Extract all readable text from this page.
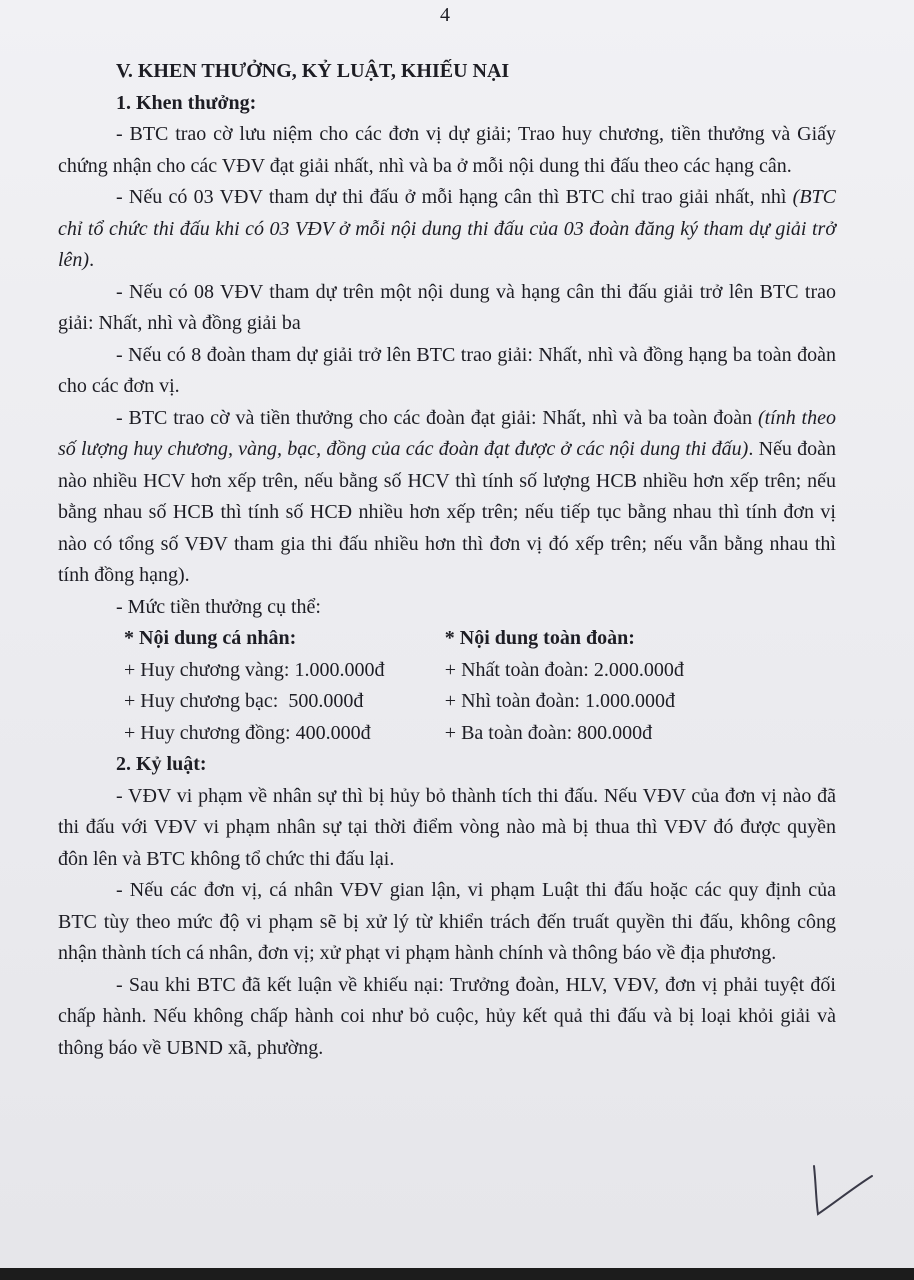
4
V. KHEN THƯỞNG, KỶ LUẬT, KHIẾU NẠI
1. Khen thưởng:

- BTC trao cờ lưu niệm cho các đơn vị dự giải; Trao huy chương, tiền thưởng và Giấy chứng nhận cho các VĐV đạt giải nhất, nhì và ba ở mỗi nội dung thi đấu theo các hạng cân.

- Nếu có 03 VĐV tham dự thi đấu ở mỗi hạng cân thì BTC chỉ trao giải nhất, nhì (BTC chỉ tổ chức thi đấu khi có 03 VĐV ở mỗi nội dung thi đấu của 03 đoàn đăng ký tham dự giải trở lên).

- Nếu có 08 VĐV tham dự trên một nội dung và hạng cân thi đấu giải trở lên BTC trao giải: Nhất, nhì và đồng giải ba

- Nếu có 8 đoàn tham dự giải trở lên BTC trao giải: Nhất, nhì và đồng hạng ba toàn đoàn cho các đơn vị.

- BTC trao cờ và tiền thưởng cho các đoàn đạt giải: Nhất, nhì và ba toàn đoàn (tính theo số lượng huy chương, vàng, bạc, đồng của các đoàn đạt được ở các nội dung thi đấu). Nếu đoàn nào nhiều HCV hơn xếp trên, nếu bằng số HCV thì tính số lượng HCB nhiều hơn xếp trên; nếu bằng nhau số HCB thì tính số HCĐ nhiều hơn xếp trên; nếu tiếp tục bằng nhau thì tính đơn vị nào có tổng số VĐV tham gia thi đấu nhiều hơn thì đơn vị đó xếp trên; nếu vẫn bằng nhau thì tính đồng hạng).

- Mức tiền thưởng cụ thể:
* Nội dung cá nhân:	* Nội dung toàn đoàn:
+ Huy chương vàng: 1.000.000đ	+ Nhất toàn đoàn: 2.000.000đ
+ Huy chương bạc:  500.000đ	+ Nhì toàn đoàn: 1.000.000đ
+ Huy chương đồng: 400.000đ	+ Ba toàn đoàn: 800.000đ
2. Kỷ luật:

- VĐV vi phạm về nhân sự thì bị hủy bỏ thành tích thi đấu. Nếu VĐV của đơn vị nào đã thi đấu với VĐV vi phạm nhân sự tại thời điểm vòng nào mà bị thua thì VĐV đó được quyền đôn lên và BTC không tổ chức thi đấu lại.

- Nếu các đơn vị, cá nhân VĐV gian lận, vi phạm Luật thi đấu hoặc các quy định của BTC tùy theo mức độ vi phạm sẽ bị xử lý từ khiển trách đến truất quyền thi đấu, không công nhận thành tích cá nhân, đơn vị; xử phạt vi phạm hành chính và thông báo về địa phương.

- Sau khi BTC đã kết luận về khiếu nại: Trưởng đoàn, HLV, VĐV, đơn vị phải tuyệt đối chấp hành. Nếu không chấp hành coi như bỏ cuộc, hủy kết quả thi đấu và bị loại khỏi giải và thông báo về UBND xã, phường.
